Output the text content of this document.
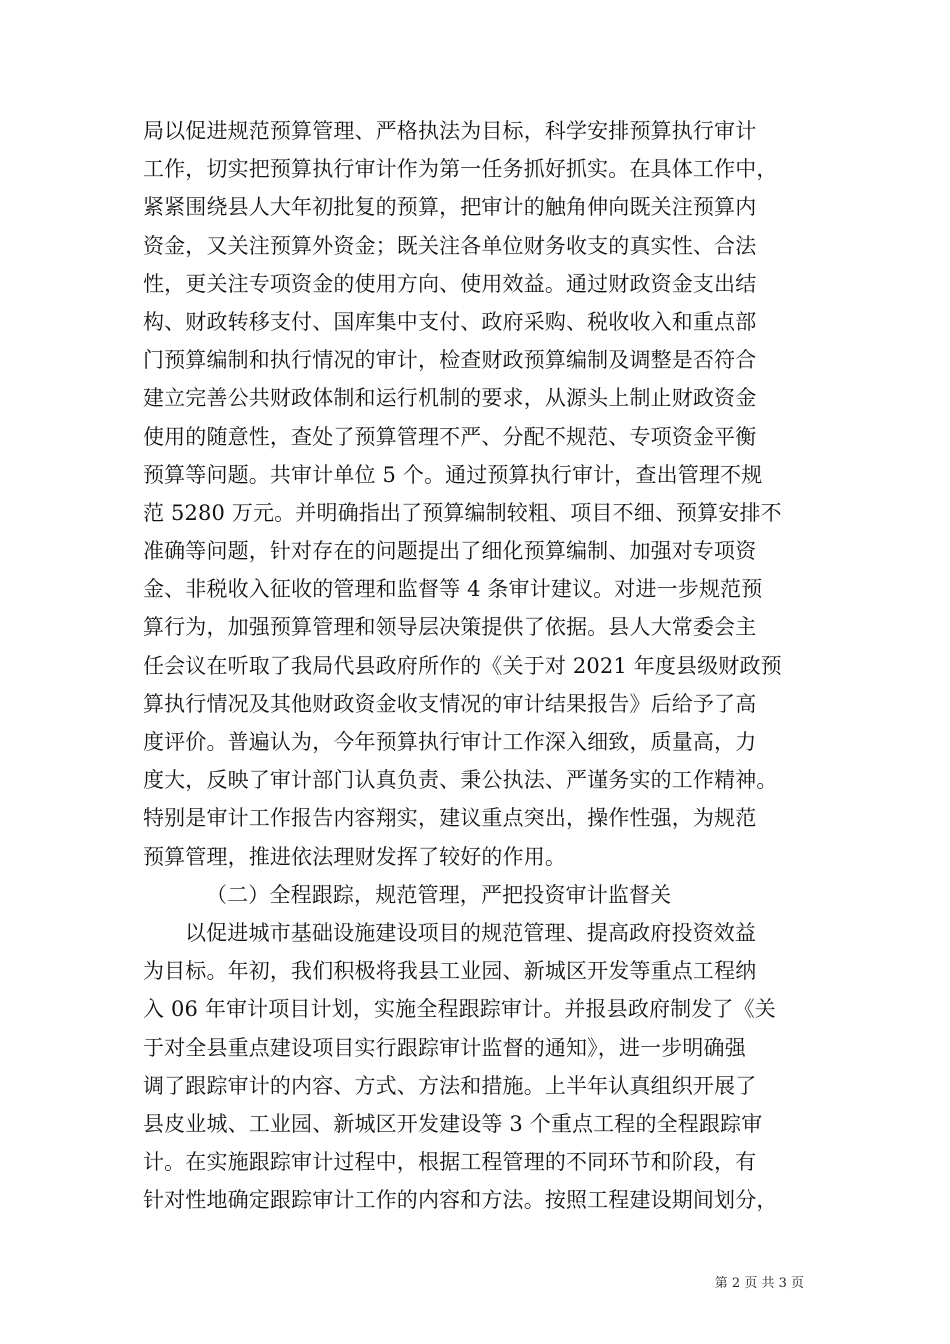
局以促进规范预算管理、严格执法为目标，科学安排预算执行审计
工作，切实把预算执行审计作为第一任务抓好抓实。在具体工作中，
紧紧围绕县人大年初批复的预算，把审计的触角伸向既关注预算内
资金，又关注预算外资金；既关注各单位财务收支的真实性、合法
性，更关注专项资金的使用方向、使用效益。通过财政资金支出结
构、财政转移支付、国库集中支付、政府采购、税收收入和重点部
门预算编制和执行情况的审计，检查财政预算编制及调整是否符合
建立完善公共财政体制和运行机制的要求，从源头上制止财政资金
使用的随意性，查处了预算管理不严、分配不规范、专项资金平衡
预算等问题。共审计单位 5 个。通过预算执行审计，查出管理不规
范 5280 万元。并明确指出了预算编制较粗、项目不细、预算安排不
准确等问题，针对存在的问题提出了细化预算编制、加强对专项资
金、非税收入征收的管理和监督等 4 条审计建议。对进一步规范预
算行为，加强预算管理和领导层决策提供了依据。县人大常委会主
任会议在听取了我局代县政府所作的《关于对 2021 年度县级财政预
算执行情况及其他财政资金收支情况的审计结果报告》后给予了高
度评价。普遍认为，今年预算执行审计工作深入细致，质量高，力
度大，反映了审计部门认真负责、秉公执法、严谨务实的工作精神。
特别是审计工作报告内容翔实，建议重点突出，操作性强，为规范
预算管理，推进依法理财发挥了较好的作用。
（二）全程跟踪，规范管理，严把投资审计监督关
以促进城市基础设施建设项目的规范管理、提高政府投资效益
为目标。年初，我们积极将我县工业园、新城区开发等重点工程纳
入 06 年审计项目计划，实施全程跟踪审计。并报县政府制发了《关
于对全县重点建设项目实行跟踪审计监督的通知》，进一步明确强
调了跟踪审计的内容、方式、方法和措施。上半年认真组织开展了
县皮业城、工业园、新城区开发建设等 3 个重点工程的全程跟踪审
计。在实施跟踪审计过程中，根据工程管理的不同环节和阶段，有
针对性地确定跟踪审计工作的内容和方法。按照工程建设期间划分，
第 2 页 共 3 页
